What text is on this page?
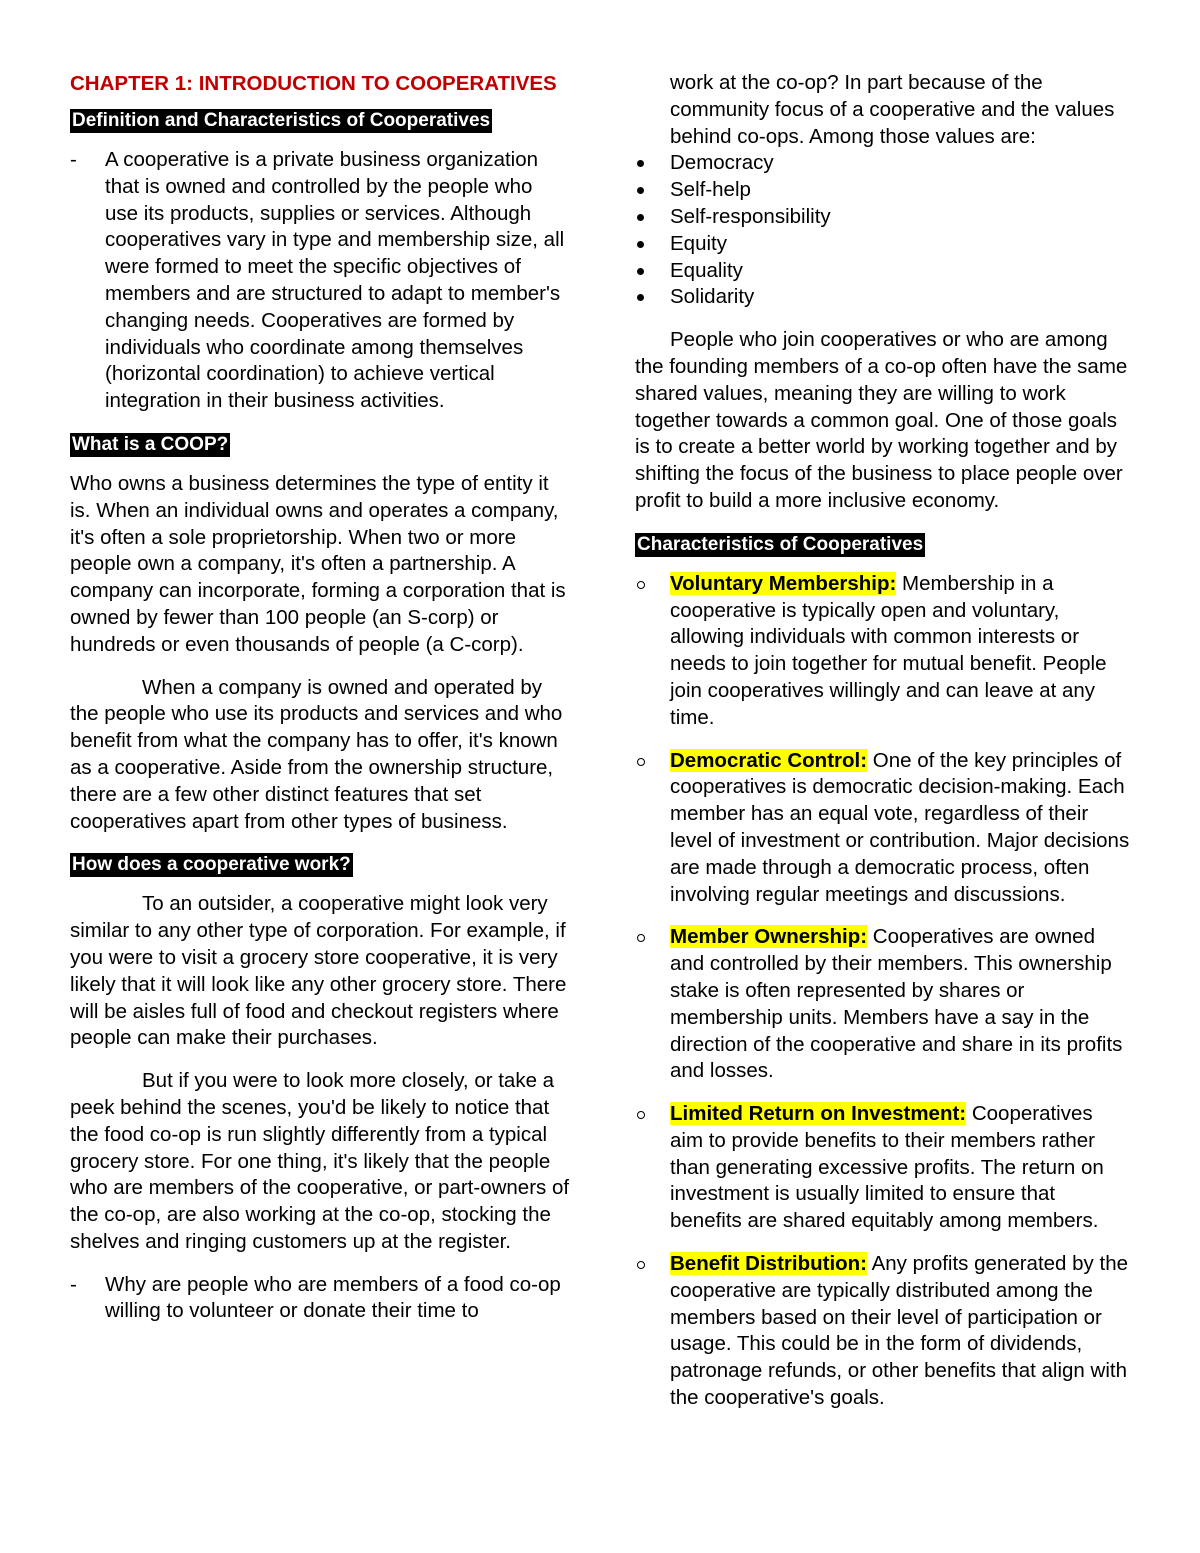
CHAPTER 1: INTRODUCTION TO COOPERATIVES

Definition and Characteristics of Cooperatives
- A cooperative is a private business organization that is owned and controlled by the people who use its products, supplies or services. Although cooperatives vary in type and membership size, all were formed to meet the specific objectives of members and are structured to adapt to member's changing needs. Cooperatives are formed by individuals who coordinate among themselves (horizontal coordination) to achieve vertical integration in their business activities.
What is a COOP?

Who owns a business determines the type of entity it is. When an individual owns and operates a company, it's often a sole proprietorship. When two or more people own a company, it's often a partnership. A company can incorporate, forming a corporation that is owned by fewer than 100 people (an S-corp) or hundreds or even thousands of people (a C-corp).

When a company is owned and operated by the people who use its products and services and who benefit from what the company has to offer, it's known as a cooperative. Aside from the ownership structure, there are a few other distinct features that set cooperatives apart from other types of business.

How does a cooperative work?

To an outsider, a cooperative might look very similar to any other type of corporation. For example, if you were to visit a grocery store cooperative, it is very likely that it will look like any other grocery store. There will be aisles full of food and checkout registers where people can make their purchases.

But if you were to look more closely, or take a peek behind the scenes, you'd be likely to notice that the food co-op is run slightly differently from a typical grocery store. For one thing, it's likely that the people who are members of the cooperative, or part-owners of the co-op, are also working at the co-op, stocking the shelves and ringing customers up at the register.

- Why are people who are members of a food co-op willing to volunteer or donate their time to

work at the co-op? In part because of the community focus of a cooperative and the values behind co-ops. Among those values are:

Democracy
Self-help
Self-responsibility
Equity
Equality
Solidarity

People who join cooperatives or who are among the founding members of a co-op often have the same shared values, meaning they are willing to work together towards a common goal. One of those goals is to create a better world by working together and by shifting the focus of the business to place people over profit to build a more inclusive economy.

Characteristics of Cooperatives
Voluntary Membership: Membership in a cooperative is typically open and voluntary, allowing individuals with common interests or needs to join together for mutual benefit. People join cooperatives willingly and can leave at any time.
Democratic Control: One of the key principles of cooperatives is democratic decision-making. Each member has an equal vote, regardless of their level of investment or contribution. Major decisions are made through a democratic process, often involving regular meetings and discussions.
Member Ownership: Cooperatives are owned and controlled by their members. This ownership stake is often represented by shares or membership units. Members have a say in the direction of the cooperative and share in its profits and losses.
Limited Return on Investment: Cooperatives aim to provide benefits to their members rather than generating excessive profits. The return on investment is usually limited to ensure that benefits are shared equitably among members.
Benefit Distribution: Any profits generated by the cooperative are typically distributed among the members based on their level of participation or usage. This could be in the form of dividends, patronage refunds, or other benefits that align with the cooperative's goals.
